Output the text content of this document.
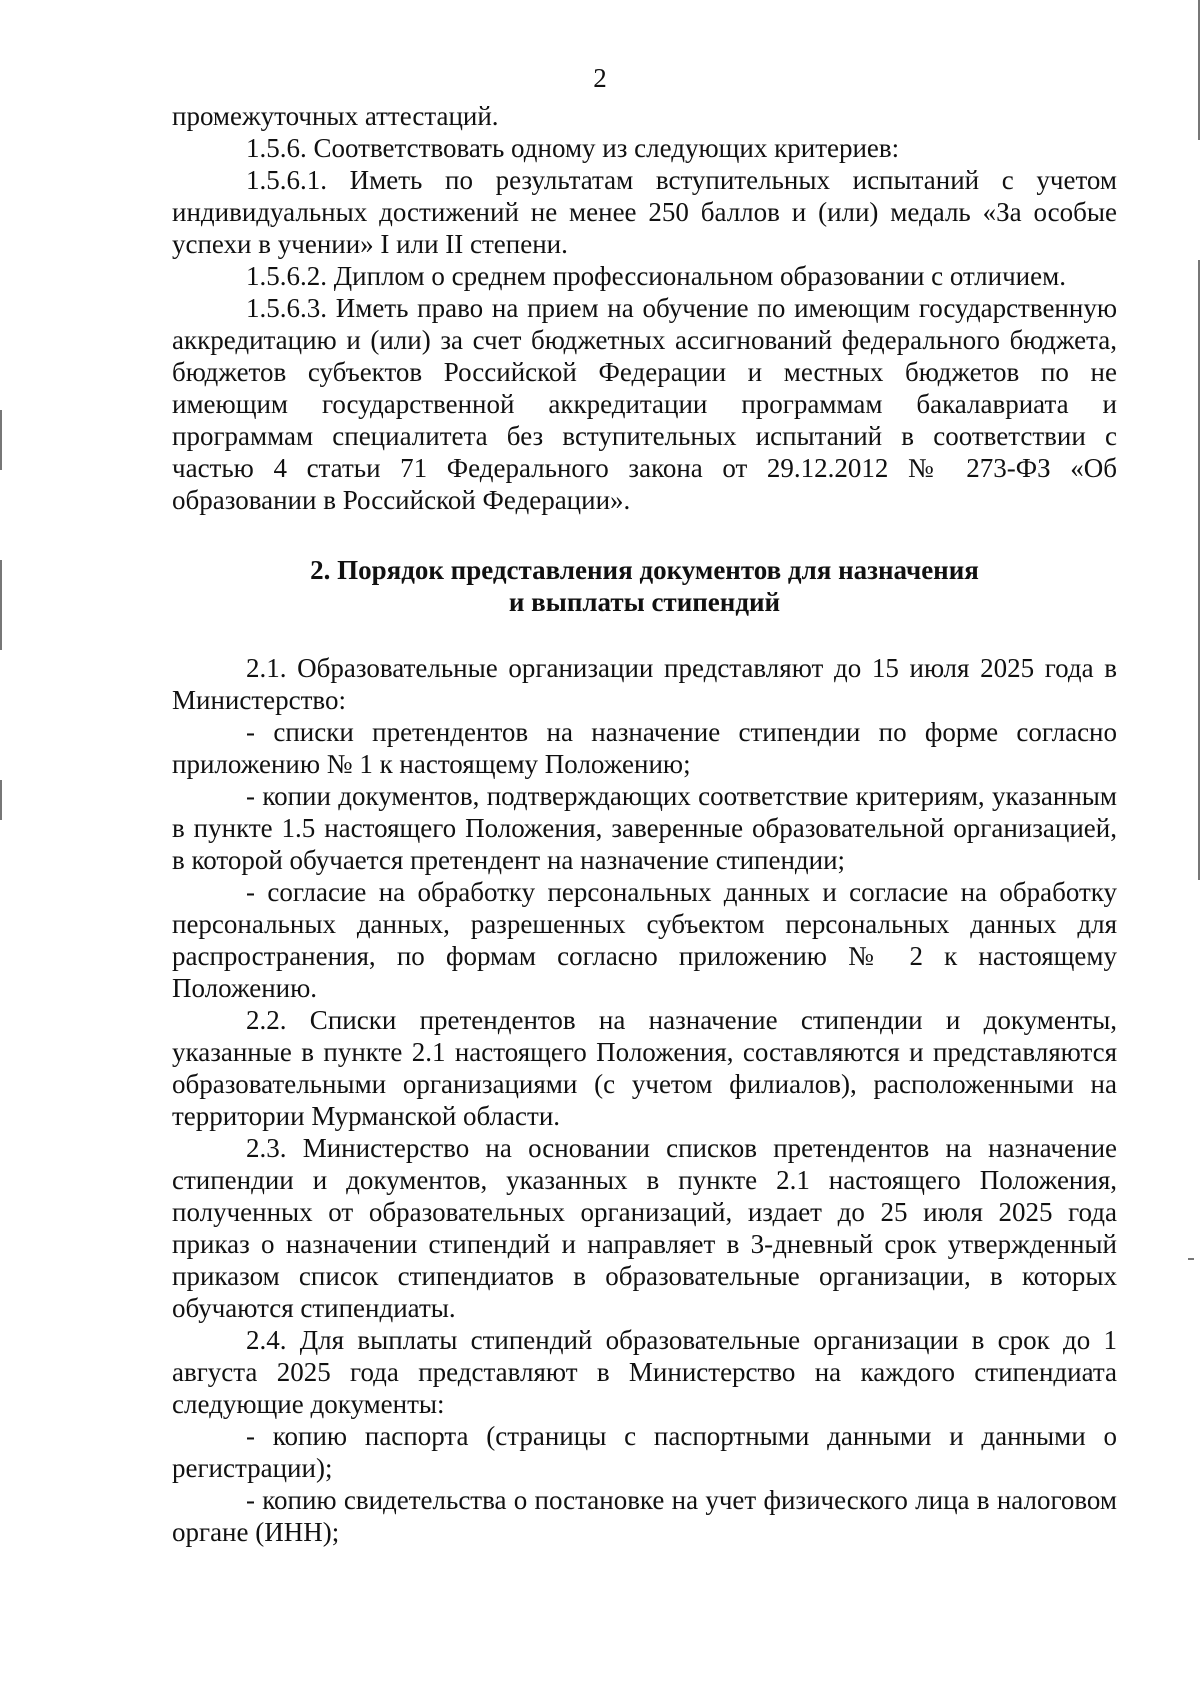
2

промежуточных аттестаций.

1.5.6. Соответствовать одному из следующих критериев:

1.5.6.1. Иметь по результатам вступительных испытаний с учетом индивидуальных достижений не менее 250 баллов и (или) медаль «За особые успехи в учении» I или II степени.

1.5.6.2. Диплом о среднем профессиональном образовании с отличием.

1.5.6.3. Иметь право на прием на обучение по имеющим государственную аккредитацию и (или) за счет бюджетных ассигнований федерального бюджета, бюджетов субъектов Российской Федерации и местных бюджетов по не имеющим государственной аккредитации программам бакалавриата и программам специалитета без вступительных испытаний в соответствии с частью 4 статьи 71 Федерального закона от 29.12.2012 № 273-ФЗ «Об образовании в Российской Федерации».

2. Порядок представления документов для назначения
и выплаты стипендий

2.1. Образовательные организации представляют до 15 июля 2025 года в Министерство:

- списки претендентов на назначение стипендии по форме согласно приложению № 1 к настоящему Положению;

- копии документов, подтверждающих соответствие критериям, указанным в пункте 1.5 настоящего Положения, заверенные образовательной организацией, в которой обучается претендент на назначение стипендии;

- согласие на обработку персональных данных и согласие на обработку персональных данных, разрешенных субъектом персональных данных для распространения, по формам согласно приложению № 2 к настоящему Положению.

2.2. Списки претендентов на назначение стипендии и документы, указанные в пункте 2.1 настоящего Положения, составляются и представляются образовательными организациями (с учетом филиалов), расположенными на территории Мурманской области.

2.3. Министерство на основании списков претендентов на назначение стипендии и документов, указанных в пункте 2.1 настоящего Положения, полученных от образовательных организаций, издает до 25 июля 2025 года приказ о назначении стипендий и направляет в 3-дневный срок утвержденный приказом список стипендиатов в образовательные организации, в которых обучаются стипендиаты.

2.4. Для выплаты стипендий образовательные организации в срок до 1 августа 2025 года представляют в Министерство на каждого стипендиата следующие документы:

- копию паспорта (страницы с паспортными данными и данными о регистрации);

- копию свидетельства о постановке на учет физического лица в налоговом органе (ИНН);
